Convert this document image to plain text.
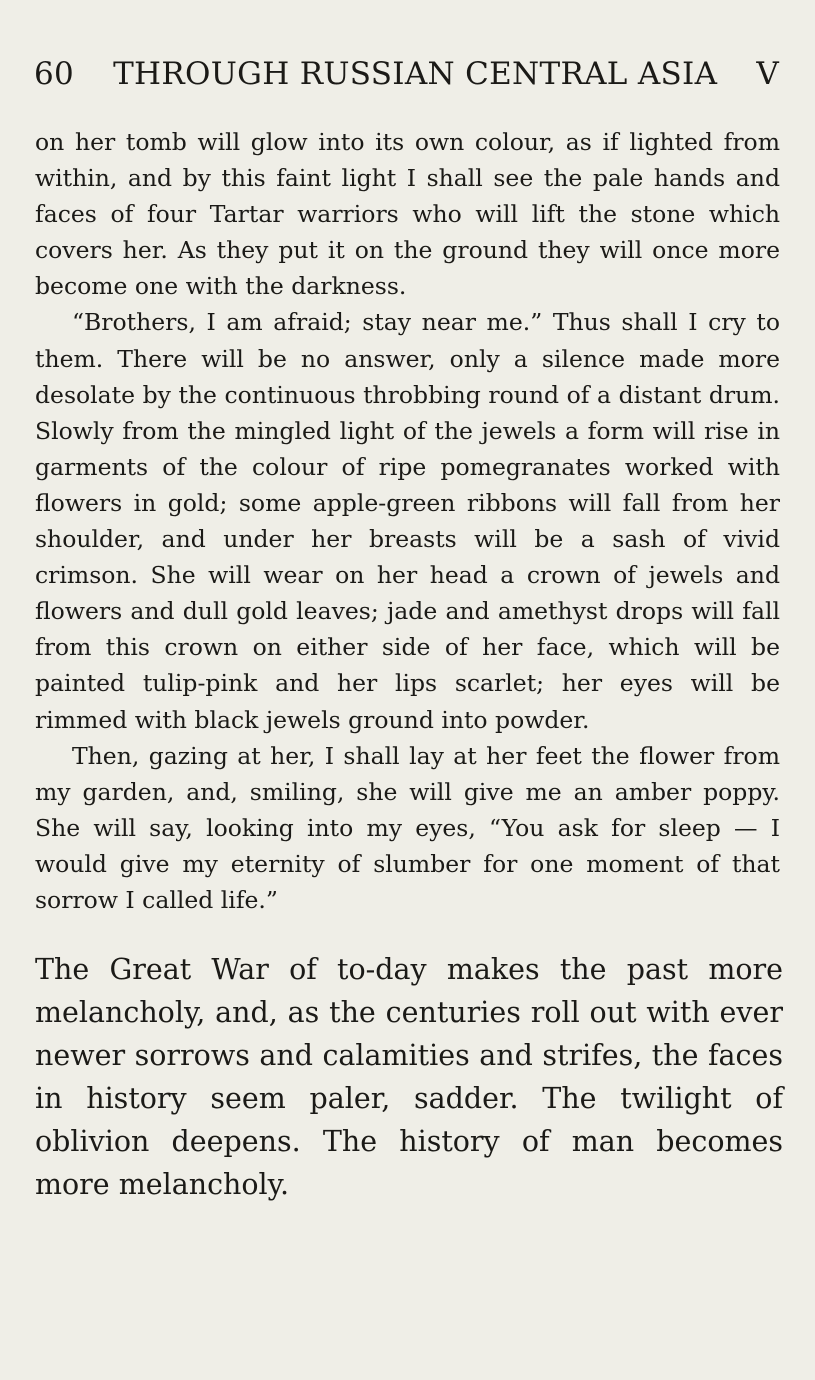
60	THROUGH RUSSIAN CENTRAL ASIA	V

on her tomb will glow into its own colour, as if lighted from within, and by this faint light I shall see the pale hands and faces of four Tartar warriors who will lift the stone which covers her. As they put it on the ground they will once more become one with the darkness.

“Brothers, I am afraid; stay near me.” Thus shall I cry to them. There will be no answer, only a silence made more desolate by the continuous throbbing round of a distant drum. Slowly from the mingled light of the jewels a form will rise in garments of the colour of ripe pomegranates worked with flowers in gold; some apple-green ribbons will fall from her shoulder, and under her breasts will be a sash of vivid crimson. She will wear on her head a crown of jewels and flowers and dull gold leaves; jade and amethyst drops will fall from this crown on either side of her face, which will be painted tulip-pink and her lips scarlet; her eyes will be rimmed with black jewels ground into powder.

Then, gazing at her, I shall lay at her feet the flower from my garden, and, smiling, she will give me an amber poppy. She will say, looking into my eyes, “You ask for sleep — I would give my eternity of slumber for one moment of that sorrow I called life.”

The Great War of to-day makes the past more melancholy, and, as the centuries roll out with ever newer sorrows and calamities and strifes, the faces in history seem paler, sadder. The twilight of oblivion deepens. The history of man becomes more melancholy.
